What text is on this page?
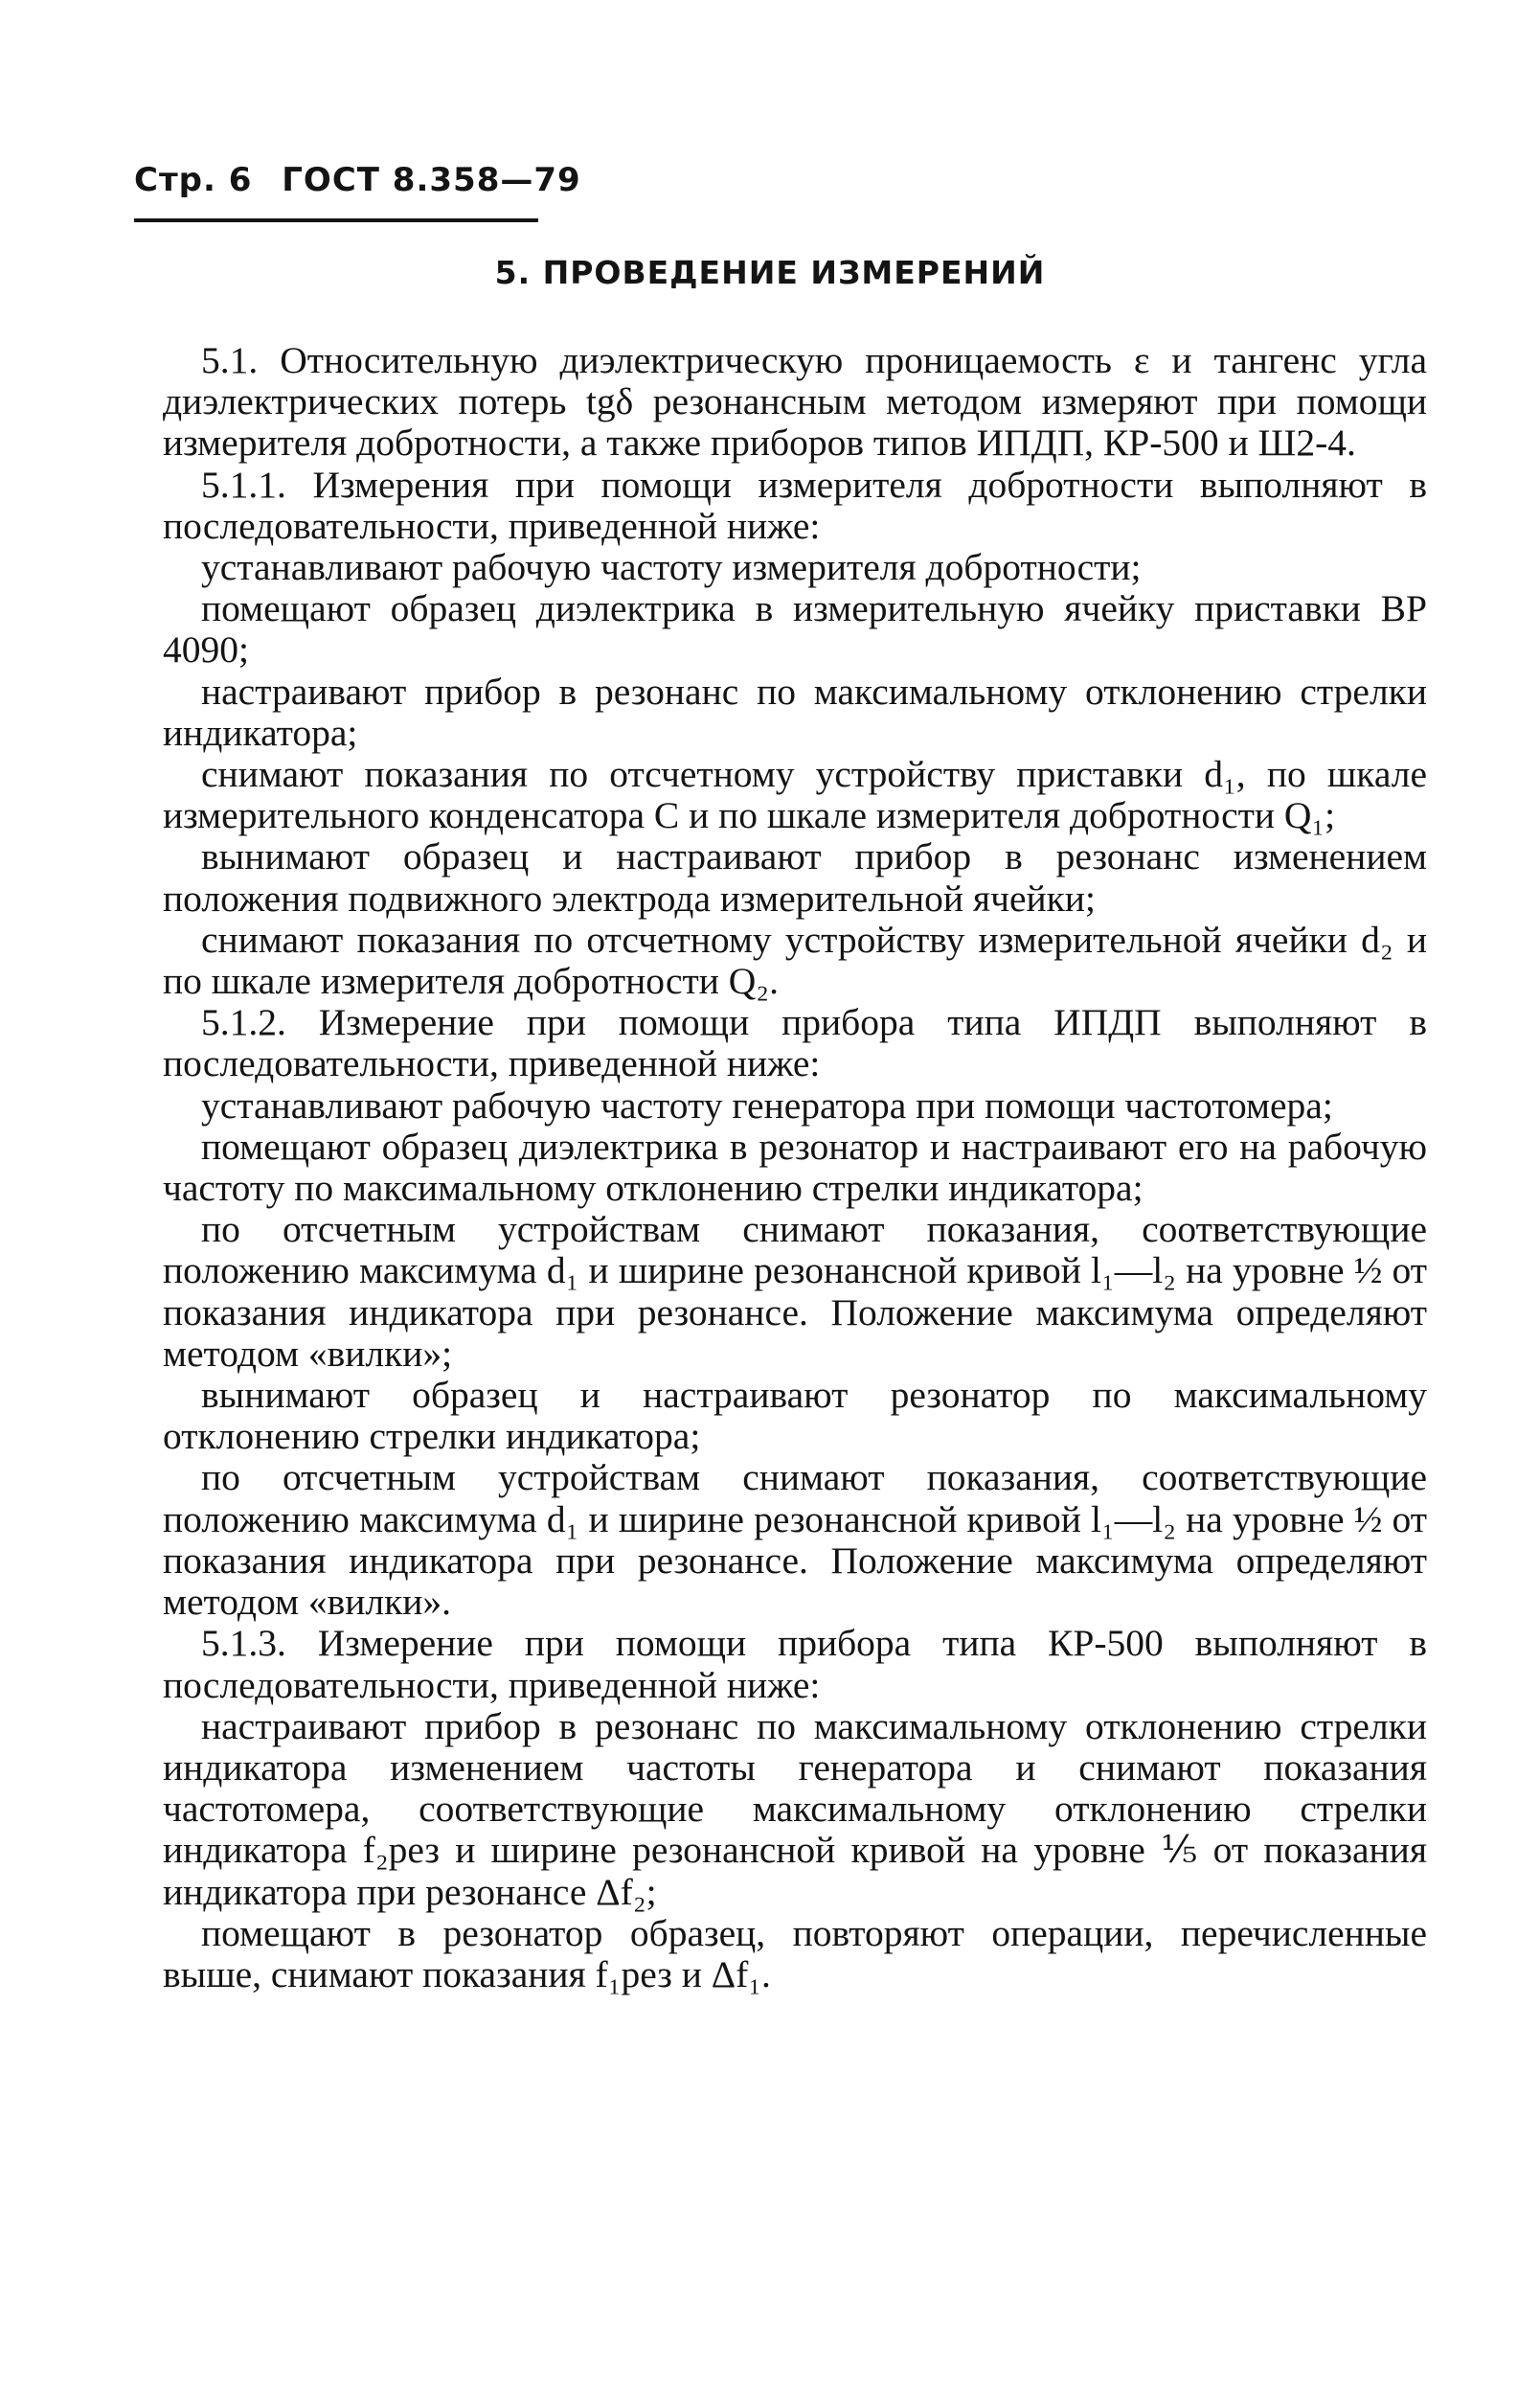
Стр. 6 ГОСТ 8.358—79
5. ПРОВЕДЕНИЕ ИЗМЕРЕНИЙ

5.1. Относительную диэлектрическую проницаемость ε и тангенс угла диэлектрических потерь tgδ резонансным методом измеряют при помощи измерителя добротности, а также приборов типов ИПДП, КР-500 и Ш2-4.

5.1.1. Измерения при помощи измерителя добротности выполняют в последовательности, приведенной ниже:

устанавливают рабочую частоту измерителя добротности;

помещают образец диэлектрика в измерительную ячейку приставки ВР 4090;

настраивают прибор в резонанс по максимальному отклонению стрелки индикатора;

снимают показания по отсчетному устройству приставки d₁, по шкале измерительного конденсатора С и по шкале измерителя добротности Q₁;

вынимают образец и настраивают прибор в резонанс изменением положения подвижного электрода измерительной ячейки;

снимают показания по отсчетному устройству измерительной ячейки d₂ и по шкале измерителя добротности Q₂.

5.1.2. Измерение при помощи прибора типа ИПДП выполняют в последовательности, приведенной ниже:

устанавливают рабочую частоту генератора при помощи частотомера;

помещают образец диэлектрика в резонатор и настраивают его на рабочую частоту по максимальному отклонению стрелки индикатора;

по отсчетным устройствам снимают показания, соответствующие положению максимума d₁ и ширине резонансной кривой l₁—l₂ на уровне ½ от показания индикатора при резонансе. Положение максимума определяют методом «вилки»;

вынимают образец и настраивают резонатор по максимальному отклонению стрелки индикатора;

по отсчетным устройствам снимают показания, соответствующие положению максимума d₁ и ширине резонансной кривой l₁—l₂ на уровне ½ от показания индикатора при резонансе. Положение максимума определяют методом «вилки».

5.1.3. Измерение при помощи прибора типа КР-500 выполняют в последовательности, приведенной ниже:

настраивают прибор в резонанс по максимальному отклонению стрелки индикатора изменением частоты генератора и снимают показания частотомера, соответствующие максимальному отклонению стрелки индикатора f₂рез и ширине резонансной кривой на уровне ⅕ от показания индикатора при резонансе Δf₂;

помещают в резонатор образец, повторяют операции, перечисленные выше, снимают показания f₁рез и Δf₁.
